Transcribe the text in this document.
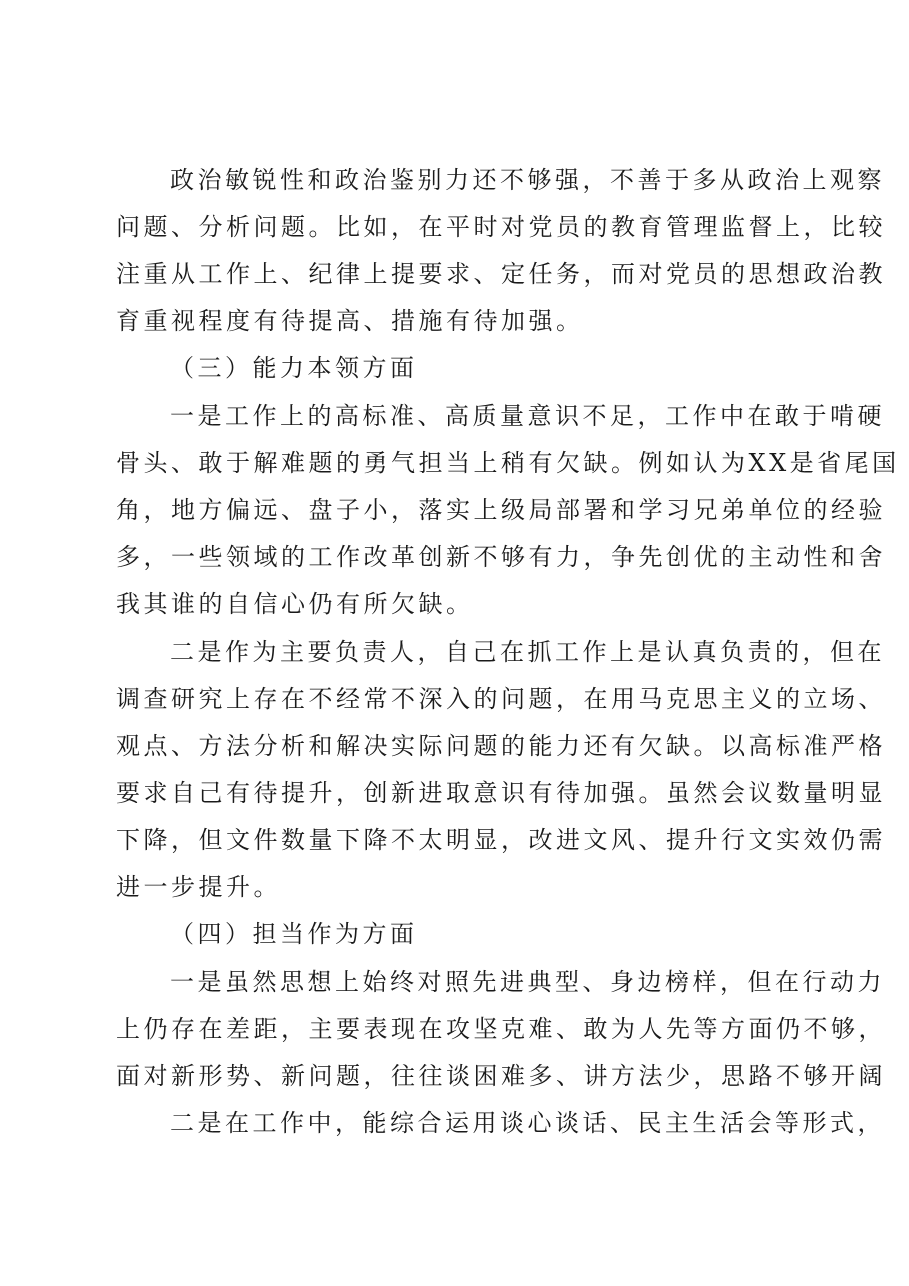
政治敏锐性和政治鉴别力还不够强，不善于多从政治上观察
问题、分析问题。比如，在平时对党员的教育管理监督上，比较
注重从工作上、纪律上提要求、定任务，而对党员的思想政治教
育重视程度有待提高、措施有待加强。
（三）能力本领方面
一是工作上的高标准、高质量意识不足，工作中在敢于啃硬
骨头、敢于解难题的勇气担当上稍有欠缺。例如认为XX是省尾国
角，地方偏远、盘子小，落实上级局部署和学习兄弟单位的经验
多，一些领域的工作改革创新不够有力，争先创优的主动性和舍
我其谁的自信心仍有所欠缺。
二是作为主要负责人，自己在抓工作上是认真负责的，但在
调查研究上存在不经常不深入的问题，在用马克思主义的立场、
观点、方法分析和解决实际问题的能力还有欠缺。以高标准严格
要求自己有待提升，创新进取意识有待加强。虽然会议数量明显
下降，但文件数量下降不太明显，改进文风、提升行文实效仍需
进一步提升。
（四）担当作为方面
一是虽然思想上始终对照先进典型、身边榜样，但在行动力
上仍存在差距，主要表现在攻坚克难、敢为人先等方面仍不够，
面对新形势、新问题，往往谈困难多、讲方法少，思路不够开阔
二是在工作中，能综合运用谈心谈话、民主生活会等形式，
